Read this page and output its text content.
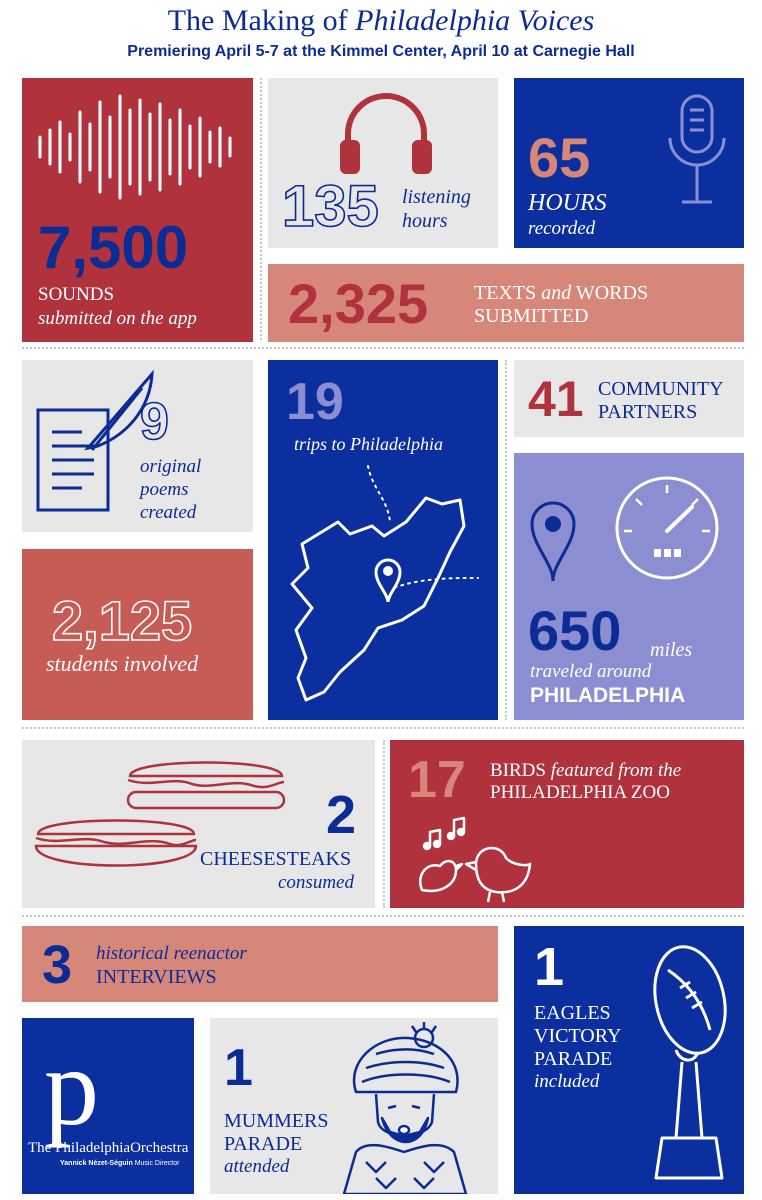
The Making of Philadelphia Voices
Premiering April 5-7 at the Kimmel Center, April 10 at Carnegie Hall
7,500
SOUNDS
submitted on the app
135 listening
hours
65
HOURS
recorded
2,325 TEXTS and WORDS
SUBMITTED
9
original
poems
created
2,125
students involved
19
trips to Philadelphia
41 COMMUNITY
PARTNERS
650 miles
traveled around
PHILADELPHIA
2
CHEESESTEAKS
consumed
17 BIRDS featured from the
PHILADELPHIA ZOO
3 historical reenactor
INTERVIEWS	1
EAGLES
VICTORY
PARADE
included
p
The PhiladelphiaOrchestra
Yannick Nézet-Séguin Music Director
1
MUMMERS
PARADE
attended
